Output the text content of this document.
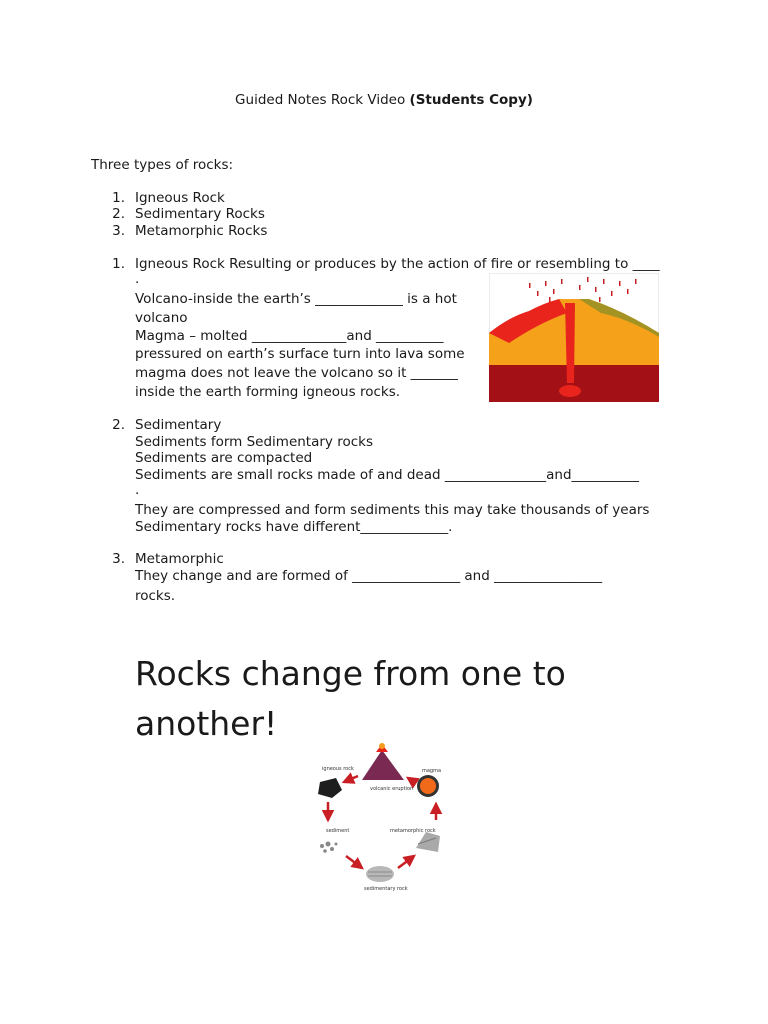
Guided Notes Rock Video (Students Copy)
Three types of rocks:
1. Igneous Rock
2. Sedimentary Rocks
3. Metamorphic Rocks
1. Igneous Rock Resulting or produces by the action of fire or resembling to ____
.
Volcano-inside the earth’s _____________ is a hot
volcano
Magma – molted ______________and __________
pressured on earth’s surface turn into lava some
magma does not leave the volcano so it _______
inside the earth forming igneous rocks.
2. Sedimentary
Sediments form Sedimentary rocks
Sediments are compacted
Sediments are small rocks made of and dead _______________and__________
.
They are compressed and form sediments this may take thousands of years
Sedimentary rocks have different_____________.
3. Metamorphic
They change and are formed of ________________ and ________________
rocks.
Rocks change from one to
another!
igneous rock	magma
volcanic eruption
sediment	metamorphic rock
sedimentary rock
